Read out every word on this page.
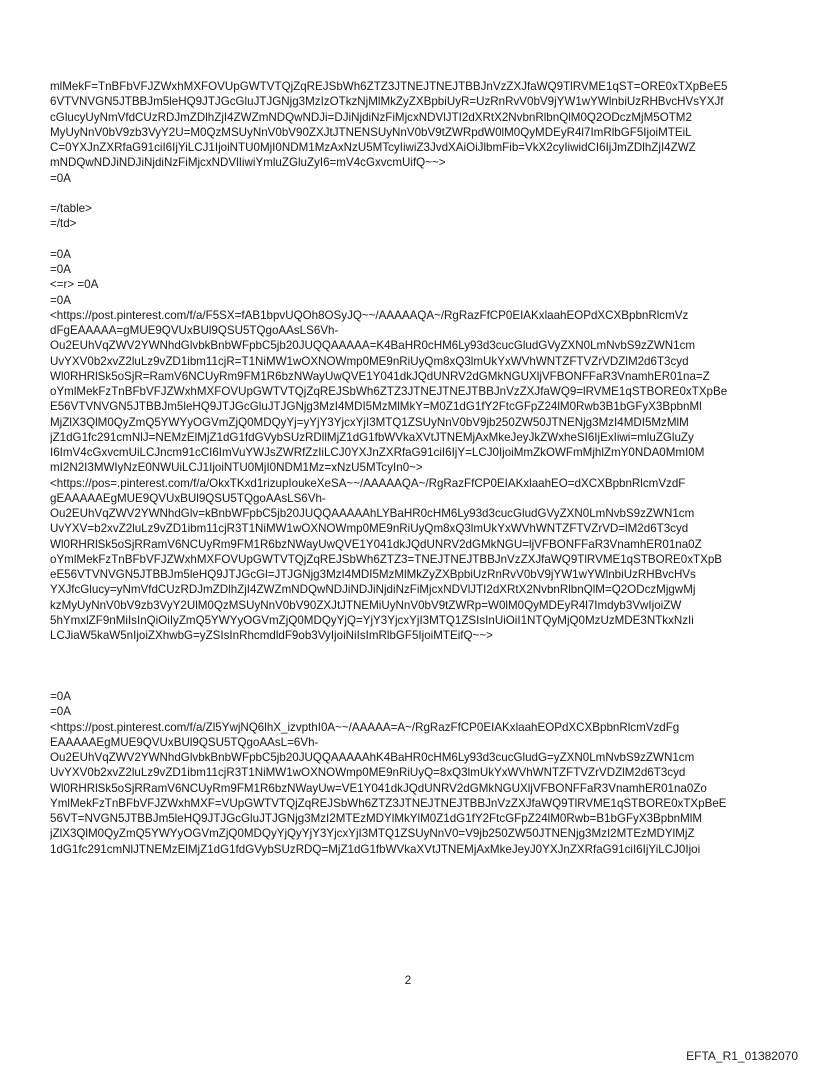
mlMekF=TnBFbVFJZWxhMXFOVUpGWTVTQjZqREJSbWh6ZTZ3JTNEJTNEJTBBJnVzZXJfaWQ9TlRVME1qST=ORE0xTXpBeE5
6VTVNVGN5JTBBJm5leHQ9JTJGcGluJTJGNjg3MzIzOTkzNjMlMkZyZXBpbiUyR=UzRnRvV0bV9jYW1wYWlnbiUzRHBvcHVsYXJf
cGlucyUyNmVfdCUzRDJmZDlhZjI4ZWZmNDQwNDJi=DJiNjdiNzFiMjcxNDVlJTI2dXRtX2NvbnRlbnQlM0Q2ODczMjM5OTM2
MyUyNnV0bV9zb3VyY2U=M0QzMSUyNnV0bV90ZXJtJTNENSUyNnV0bV9tZWRpdW0lM0QyMDEyR4l7ImRlbGF5IjoiMTEiL
C=0YXJnZXRfaG91ciI6IjYiLCJ1IjoiNTU0MjI0NDM1MzAxNzU5MTcyIiwiZ3JvdXAiOiJlbmFib=VkX2cyIiwidCI6IjJmZDlhZjI4ZWZ
mNDQwNDJiNDJiNjdiNzFiMjcxNDVlIiwiYmluZGluZyI6=mV4cGxvcmUifQ~~>
=0A

=/table>
=/td>
=0A
=0A
<=r> =0A
=0A
<https://post.pinterest.com/f/a/F5SX=fAB1bpvUQOh8OSyJQ~~/AAAAAQA~/RgRazFfCP0EIAKxlaahEOPdXCXBpbnRlcmVz
dFgEAAAAA=gMUE9QVUxBUl9QSU5TQgoAAsLS6Vh-
Ou2EUhVqZWV2YWNhdGlvbkBnbWFpbC5jb20JUQQAAAAA=K4BaHR0cHM6Ly93d3cucGludGVyZXN0LmNvbS9zZWN1cm
UvYXV0b2xvZ2luLz9vZD1ibm11cjR=T1NiMW1wOXNOWmp0ME9nRiUyQm8xQ3lmUkYxWVhWNTZFTVZrVDZlM2d6T3cyd
Wl0RHRlSk5oSjR=RamV6NCUyRm9FM1R6bzNWayUwQVE1Y041dkJQdUNRV2dGMkNGUXljVFBONFFaR3VnamhER01na=Z
oYmlMekFzTnBFbVFJZWxhMXFOVUpGWTVTQjZqREJSbWh6ZTZ3JTNEJTNEJTBBJnVzZXJfaWQ9=lRVME1qSTBORE0xTXpBe
E56VTVNVGN5JTBBJm5leHQ9JTJGcGluJTJGNjg3MzI4MDI5MzMlMkY=M0Z1dG1fY2FtcGFpZ24lM0Rwb3B1bGFyX3BpbnMl
MjZlX3QlM0QyZmQ5YWYyOGVmZjQ0MDQyYj=yYjY3YjcxYjI3MTQ1ZSUyNnV0bV9jb250ZW50JTNENjg3MzI4MDI5MzMlM
jZ1dG1fc291cmNlJ=NEMzElMjZ1dG1fdGVybSUzRDllMjZ1dG1fbWVkaXVtJTNEMjAxMkeJeyJkZWxheSI6IjExIiwi=mluZGluZy
I6ImV4cGxvcmUiLCJncm91cCI6ImVuYWJsZWRfZzIiLCJ0YXJnZXRfaG91ciI6IjY=LCJ0IjoiMmZkOWFmMjhlZmY0NDA0MmI0M
mI2N2I3MWIyNzE0NWUiLCJ1IjoiNTU0MjI0NDM1Mz=xNzU5MTcyIn0~>
<https://pos=.pinterest.com/f/a/OkxTKxd1rizupIoukeXeSA~~/AAAAAQA~/RgRazFfCP0EIAKxlaahEO=dXCXBpbnRlcmVzdF
gEAAAAAEgMUE9QVUxBUl9QSU5TQgoAAsLS6Vh-
Ou2EUhVqZWV2YWNhdGlv=kBnbWFpbC5jb20JUQQAAAAAhLYBaHR0cHM6Ly93d3cucGludGVyZXN0LmNvbS9zZWN1cm
UvYXV=b2xvZ2luLz9vZD1ibm11cjR3T1NiMW1wOXNOWmp0ME9nRiUyQm8xQ3lmUkYxWVhWNTZFTVZrVD=lM2d6T3cyd
Wl0RHRlSk5oSjRRamV6NCUyRm9FM1R6bzNWayUwQVE1Y041dkJQdUNRV2dGMkNGU=ljVFBONFFaR3VnamhER01na0Z
oYmlMekFzTnBFbVFJZWxhMXFOVUpGWTVTQjZqREJSbWh6ZTZ3=TNEJTNEJTBBJnVzZXJfaWQ9TlRVME1qSTBORE0xTXpB
eE56VTVNVGN5JTBBJm5leHQ9JTJGcGl=JTJGNjg3MzI4MDI5MzMlMkZyZXBpbiUzRnRvV0bV9jYW1wYWlnbiUzRHBvcHVs
YXJfcGlucy=yNmVfdCUzRDJmZDlhZjI4ZWZmNDQwNDJiNDJiNjdiNzFiMjcxNDVlJTI2dXRtX2NvbnRlbnQlM=Q2ODczMjgwMj
kzMyUyNnV0bV9zb3VyY2UlM0QzMSUyNnV0bV90ZXJtJTNEMiUyNnV0bV9tZWRp=W0lM0QyMDEyR4l7Imdyb3VwIjoiZW
5hYmxlZF9nMiIsInQiOiIyZmQ5YWYyOGVmZjQ0MDQyYjQ=YjY3YjcxYjI3MTQ1ZSIsInUiOiI1NTQyMjQ0MzUzMDE3NTkxNzIi
LCJiaW5kaW5nIjoiZXhwbG=yZSIsInRhcmdldF9ob3VyIjoiNiIsImRlbGF5IjoiMTEifQ~~>

=0A
=0A
<https://post.pinterest.com/f/a/Zl5YwjNQ6lhX_izvpthI0A~~/AAAAA=A~/RgRazFfCP0EIAKxlaahEOPdXCXBpbnRlcmVzdFg
EAAAAAEgMUE9QVUxBUl9QSU5TQgoAAsL=6Vh-
Ou2EUhVqZWV2YWNhdGlvbkBnbWFpbC5jb20JUQQAAAAAhK4BaHR0cHM6Ly93d3cucGludG=yZXN0LmNvbS9zZWN1cm
UvYXV0b2xvZ2luLz9vZD1ibm11cjR3T1NiMW1wOXNOWmp0ME9nRiUyQ=8xQ3lmUkYxWVhWNTZFTVZrVDZlM2d6T3cyd
Wl0RHRlSk5oSjRRamV6NCUyRm9FM1R6bzNWayUw=VE1Y041dkJQdUNRV2dGMkNGUXljVFBONFFaR3VnamhER01na0Zo
YmlMekFzTnBFbVFJZWxhMXF=VUpGWTVTQjZqREJSbWh6ZTZ3JTNEJTNEJTBBJnVzZXJfaWQ9TlRVME1qSTBORE0xTXpBeE
56VT=NVGN5JTBBJm5leHQ9JTJGcGluJTJGNjg3MzI2MTEzMDYlMkYlM0Z1dG1fY2FtcGFpZ24lM0Rwb=B1bGFyX3BpbnMlM
jZlX3QlM0QyZmQ5YWYyOGVmZjQ0MDQyYjQyYjY3YjcxYjI3MTQ1ZSUyNnV0=V9jb250ZW50JTNENjg3MzI2MTEzMDYlMjZ
1dG1fc291cmNlJTNEMzElMjZ1dG1fdGVybSUzRDQ=MjZ1dG1fbWVkaXVtJTNEMjAxMkeJeyJ0YXJnZXRfaG91ciI6IjYiLCJ0Ijoi
2
EFTA_R1_01382070
